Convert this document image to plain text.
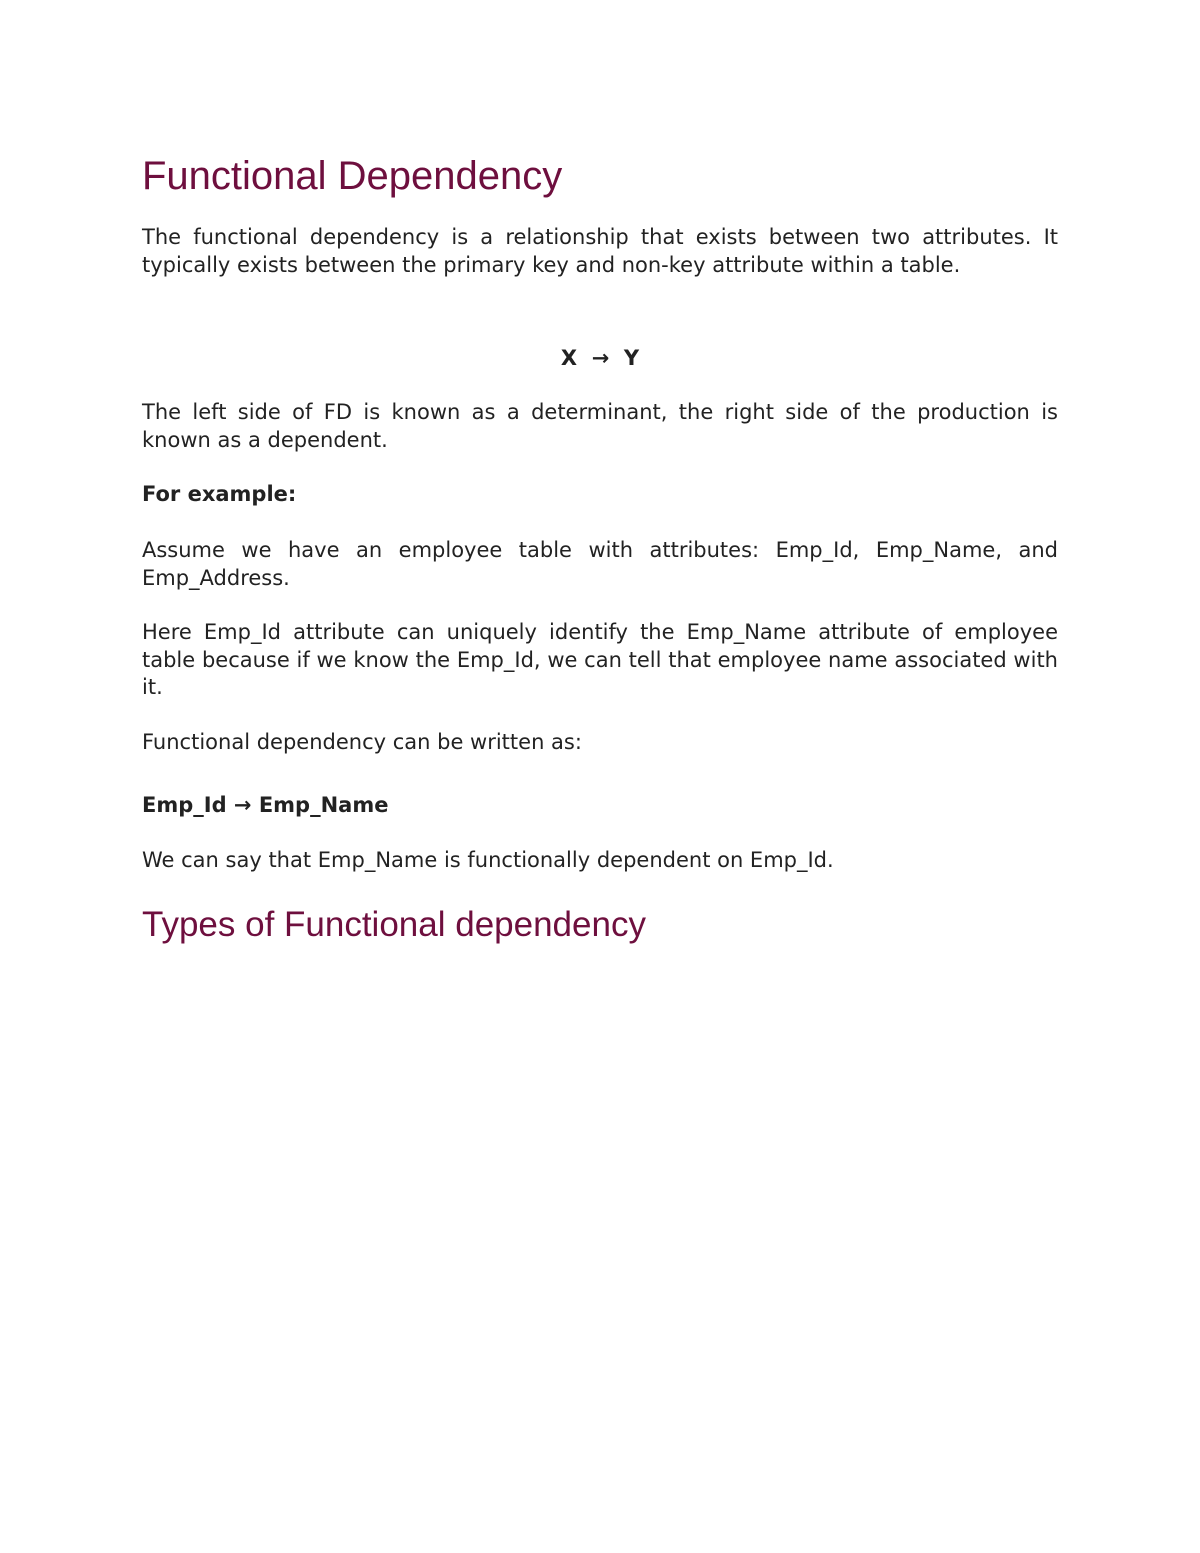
Functional Dependency

The functional dependency is a relationship that exists between two attributes. It typically exists between the primary key and non-key attribute within a table.

X  →  Y

The left side of FD is known as a determinant, the right side of the production is known as a dependent.

For example:

Assume we have an employee table with attributes: Emp_Id, Emp_Name, and Emp_Address.

Here Emp_Id attribute can uniquely identify the Emp_Name attribute of employee table because if we know the Emp_Id, we can tell that employee name associated with it.

Functional dependency can be written as:

Emp_Id → Emp_Name

We can say that Emp_Name is functionally dependent on Emp_Id.

Types of Functional dependency
